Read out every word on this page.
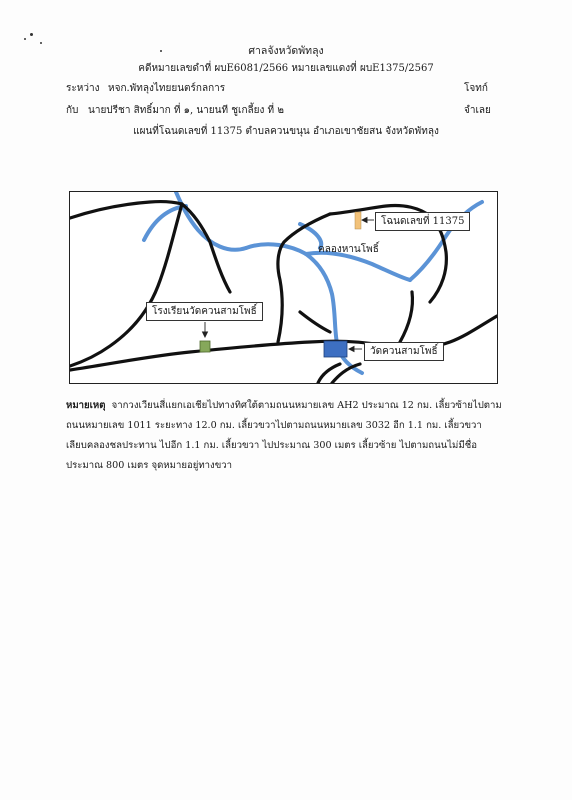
ศาลจังหวัดพัทลุง
คดีหมายเลขดำที่ ผบE6081/2566 หมายเลขแดงที่ ผบE1375/2567
ระหว่าง หจก.พัทลุงไทยยนตร์กลการ	โจทก์
กับ นายปรีชา สิทธิ์มาก ที่ ๑, นายนที ชูเกลี้ยง ที่ ๒	จำเลย
แผนที่โฉนดเลขที่ 11375 ตำบลควนขนุน อำเภอเขาชัยสน จังหวัดพัทลุง
โฉนดเลขที่ 11375
คลองหานโพธิ์
โรงเรียนวัดควนสามโพธิ์
วัดควนสามโพธิ์
หมายเหตุ จากวงเวียนสี่แยกเอเชียไปทางทิศใต้ตามถนนหมายเลข AH2 ประมาณ 12 กม. เลี้ยวซ้ายไปตามถนนหมายเลข 1011 ระยะทาง 12.0 กม. เลี้ยวขวาไปตามถนนหมายเลข 3032 อีก 1.1 กม. เลี้ยวขวา เลียบคลองชลประทาน ไปอีก 1.1 กม. เลี้ยวขวา ไปประมาณ 300 เมตร เลี้ยวซ้าย ไปตามถนนไม่มีชื่อประมาณ 800 เมตร จุดหมายอยู่ทางขวา
